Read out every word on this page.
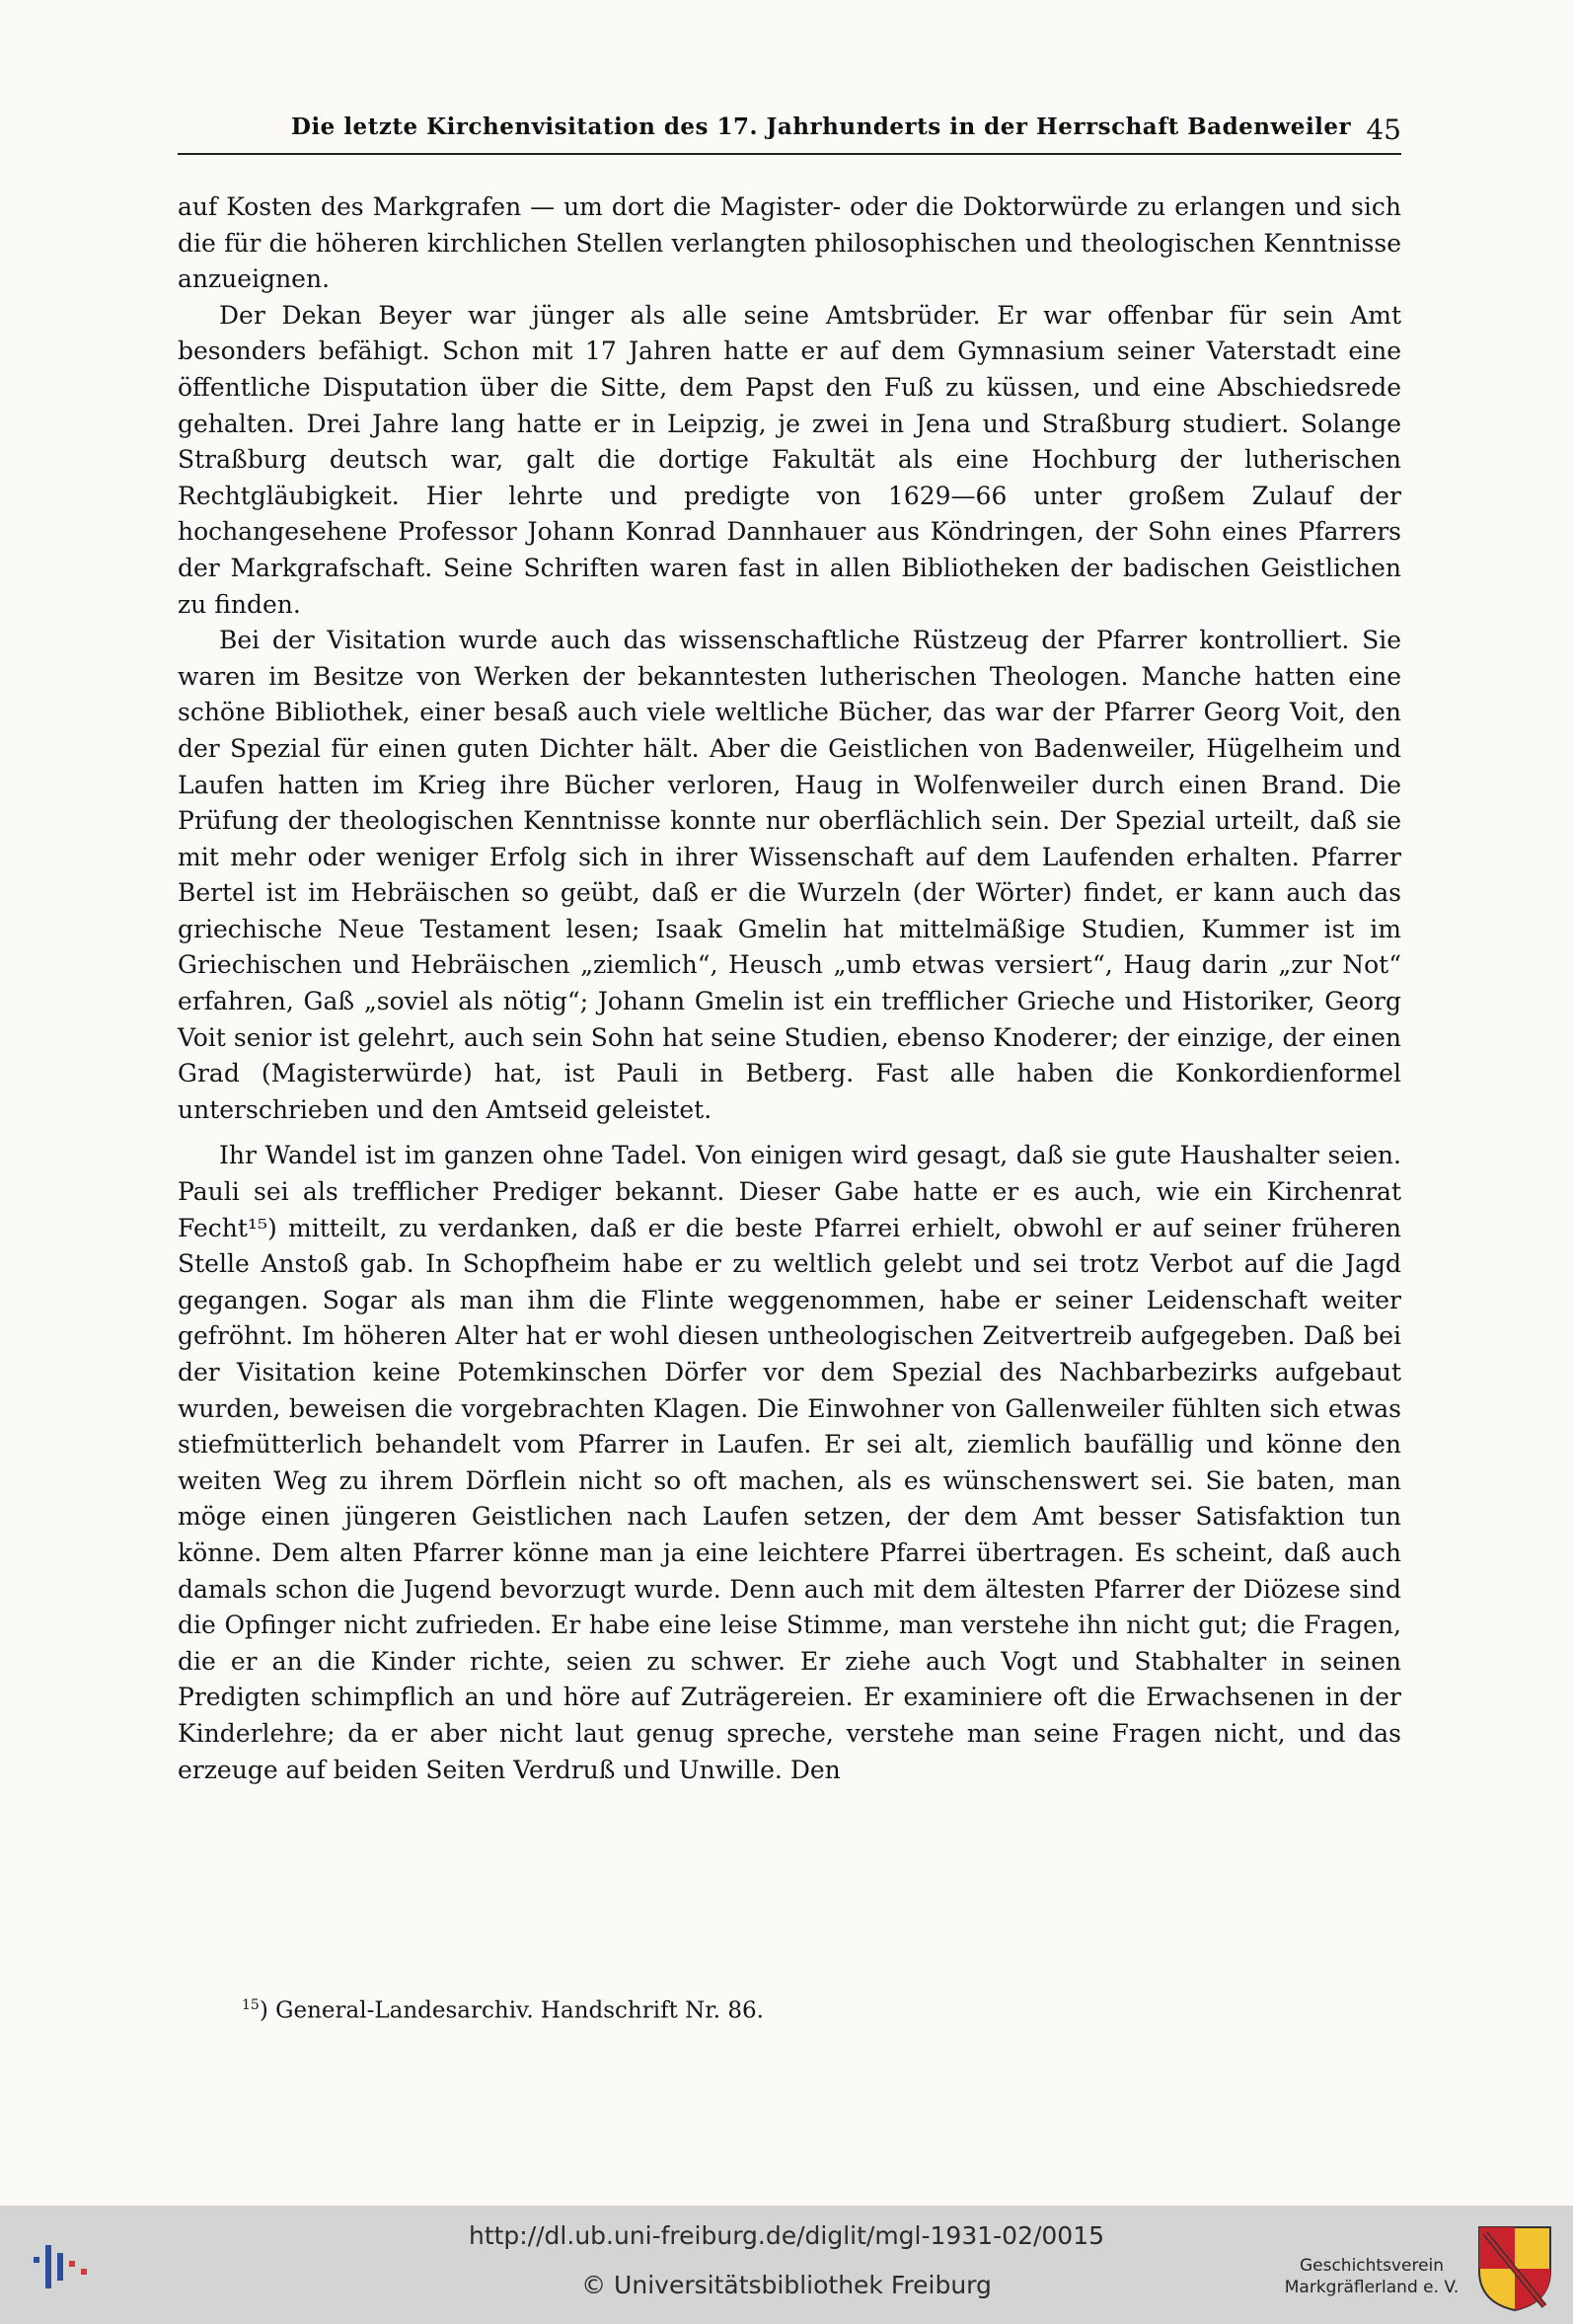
Die letzte Kirchenvisitation des 17. Jahrhunderts in der Herrschaft Badenweiler 45

auf Kosten des Markgrafen — um dort die Magister- oder die Doktorwürde zu erlangen und sich die für die höheren kirchlichen Stellen verlangten philosophischen und theologischen Kenntnisse anzueignen.

Der Dekan Beyer war jünger als alle seine Amtsbrüder. Er war offenbar für sein Amt besonders befähigt. Schon mit 17 Jahren hatte er auf dem Gymnasium seiner Vaterstadt eine öffentliche Disputation über die Sitte, dem Papst den Fuß zu küssen, und eine Abschiedsrede gehalten. Drei Jahre lang hatte er in Leipzig, je zwei in Jena und Straßburg studiert. Solange Straßburg deutsch war, galt die dortige Fakultät als eine Hochburg der lutherischen Rechtgläubigkeit. Hier lehrte und predigte von 1629—66 unter großem Zulauf der hochangesehene Professor Johann Konrad Dannhauer aus Köndringen, der Sohn eines Pfarrers der Markgrafschaft. Seine Schriften waren fast in allen Bibliotheken der badischen Geistlichen zu finden.

Bei der Visitation wurde auch das wissenschaftliche Rüstzeug der Pfarrer kontrolliert. Sie waren im Besitze von Werken der bekanntesten lutherischen Theologen. Manche hatten eine schöne Bibliothek, einer besaß auch viele weltliche Bücher, das war der Pfarrer Georg Voit, den der Spezial für einen guten Dichter hält. Aber die Geistlichen von Badenweiler, Hügelheim und Laufen hatten im Krieg ihre Bücher verloren, Haug in Wolfenweiler durch einen Brand. Die Prüfung der theologischen Kenntnisse konnte nur oberflächlich sein. Der Spezial urteilt, daß sie mit mehr oder weniger Erfolg sich in ihrer Wissenschaft auf dem Laufenden erhalten. Pfarrer Bertel ist im Hebräischen so geübt, daß er die Wurzeln (der Wörter) findet, er kann auch das griechische Neue Testament lesen; Isaak Gmelin hat mittelmäßige Studien, Kummer ist im Griechischen und Hebräischen „ziemlich“, Heusch „umb etwas versiert“, Haug darin „zur Not“ erfahren, Gaß „soviel als nötig“; Johann Gmelin ist ein trefflicher Grieche und Historiker, Georg Voit senior ist gelehrt, auch sein Sohn hat seine Studien, ebenso Knoderer; der einzige, der einen Grad (Magisterwürde) hat, ist Pauli in Betberg. Fast alle haben die Konkordienformel unterschrieben und den Amtseid geleistet.

Ihr Wandel ist im ganzen ohne Tadel. Von einigen wird gesagt, daß sie gute Haushalter seien. Pauli sei als trefflicher Prediger bekannt. Dieser Gabe hatte er es auch, wie ein Kirchenrat Fecht¹⁵) mitteilt, zu verdanken, daß er die beste Pfarrei erhielt, obwohl er auf seiner früheren Stelle Anstoß gab. In Schopfheim habe er zu weltlich gelebt und sei trotz Verbot auf die Jagd gegangen. Sogar als man ihm die Flinte weggenommen, habe er seiner Leidenschaft weiter gefröhnt. Im höheren Alter hat er wohl diesen untheologischen Zeitvertreib aufgegeben. Daß bei der Visitation keine Potemkinschen Dörfer vor dem Spezial des Nachbarbezirks aufgebaut wurden, beweisen die vorgebrachten Klagen. Die Einwohner von Gallenweiler fühlten sich etwas stiefmütterlich behandelt vom Pfarrer in Laufen. Er sei alt, ziemlich baufällig und könne den weiten Weg zu ihrem Dörflein nicht so oft machen, als es wünschenswert sei. Sie baten, man möge einen jüngeren Geistlichen nach Laufen setzen, der dem Amt besser Satisfaktion tun könne. Dem alten Pfarrer könne man ja eine leichtere Pfarrei übertragen. Es scheint, daß auch damals schon die Jugend bevorzugt wurde. Denn auch mit dem ältesten Pfarrer der Diözese sind die Opfinger nicht zufrieden. Er habe eine leise Stimme, man verstehe ihn nicht gut; die Fragen, die er an die Kinder richte, seien zu schwer. Er ziehe auch Vogt und Stabhalter in seinen Predigten schimpflich an und höre auf Zuträgereien. Er examiniere oft die Erwachsenen in der Kinderlehre; da er aber nicht laut genug spreche, verstehe man seine Fragen nicht, und das erzeuge auf beiden Seiten Verdruß und Unwille. Den

$^{15}$) General-Landesarchiv. Handschrift Nr. 86.
http://dl.ub.uni-freiburg.de/diglit/mgl-1931-02/0015
© Universitätsbibliothek Freiburg
Geschichtsverein
Markgräflerland e. V.
